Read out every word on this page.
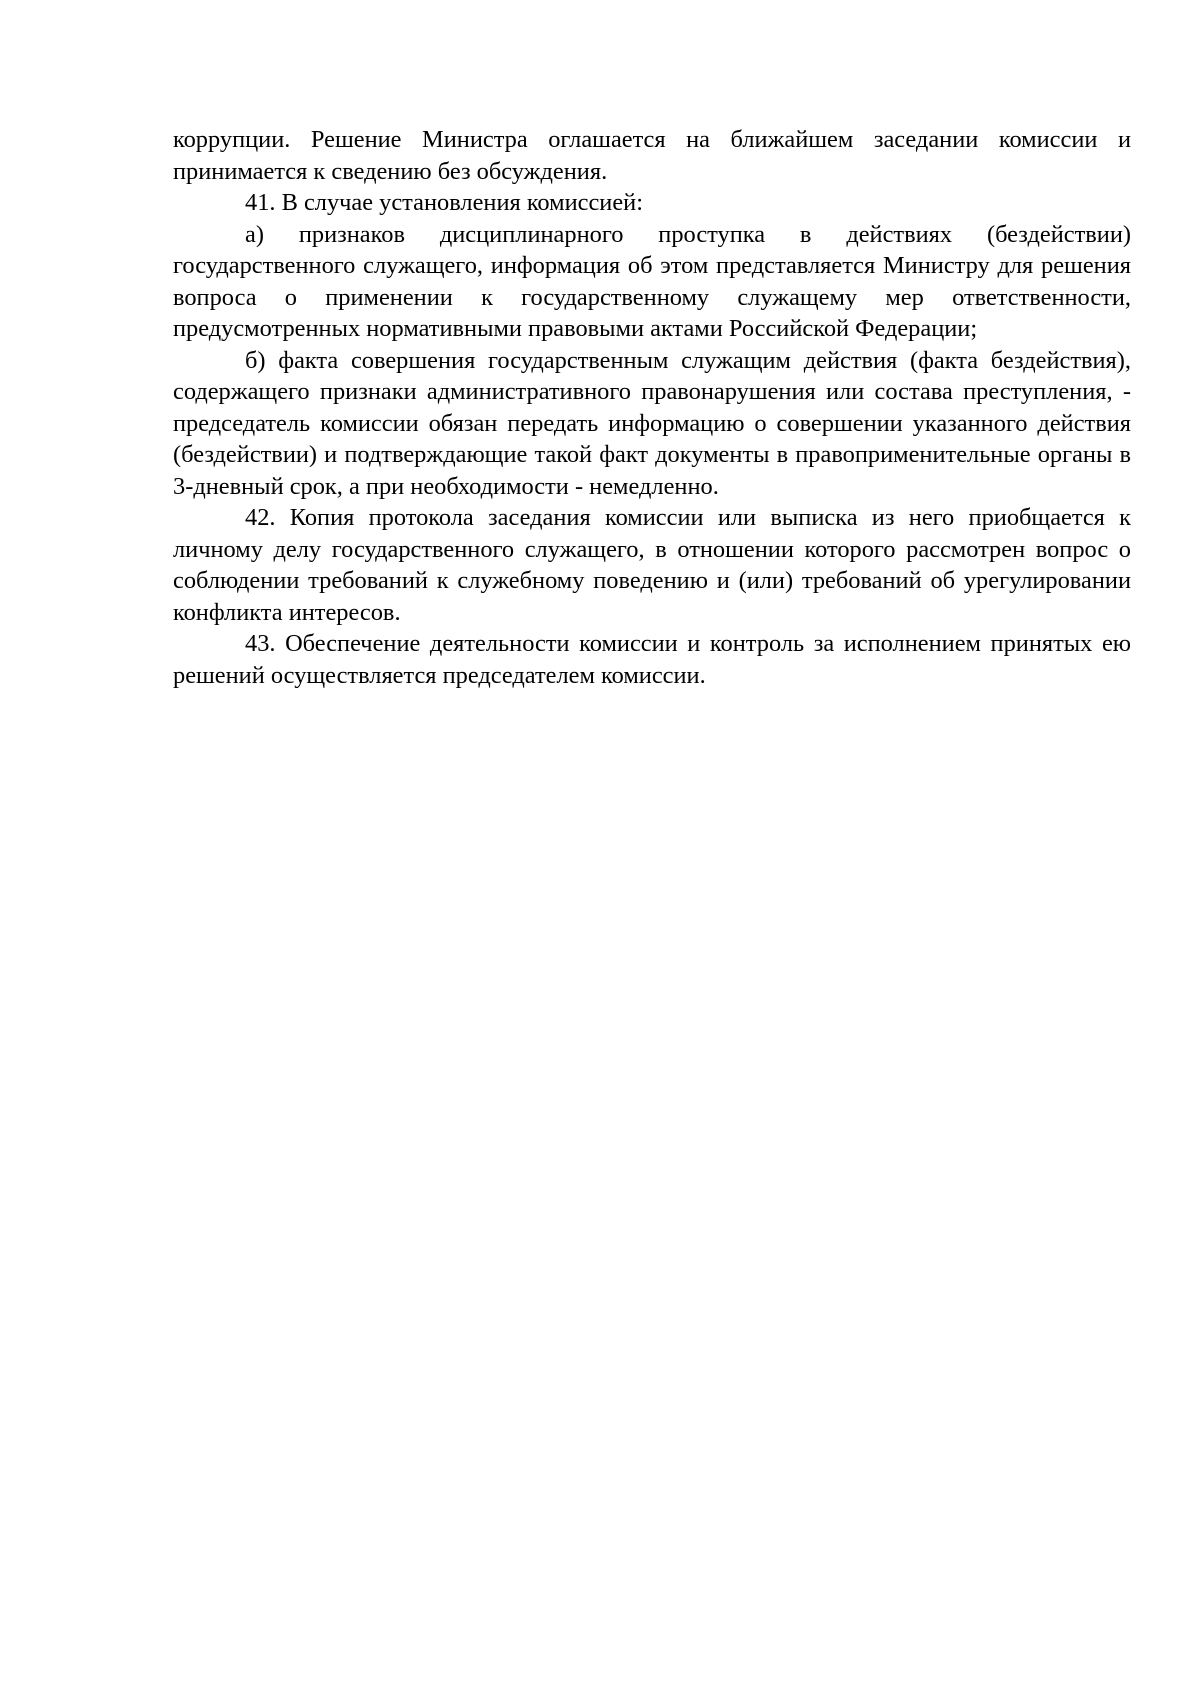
коррупции. Решение Министра оглашается на ближайшем заседании комиссии и принимается к сведению без обсуждения.

41. В случае установления комиссией:

а) признаков дисциплинарного проступка в действиях (бездействии) государственного служащего, информация об этом представляется Министру для решения вопроса о применении к государственному служащему мер ответственности, предусмотренных нормативными правовыми актами Российской Федерации;

б) факта совершения государственным служащим действия (факта бездействия), содержащего признаки административного правонарушения или состава преступления, - председатель комиссии обязан передать информацию о совершении указанного действия (бездействии) и подтверждающие такой факт документы в правоприменительные органы в 3-дневный срок, а при необходимости - немедленно.

42. Копия протокола заседания комиссии или выписка из него приобщается к личному делу государственного служащего, в отношении которого рассмотрен вопрос о соблюдении требований к служебному поведению и (или) требований об урегулировании конфликта интересов.

43. Обеспечение деятельности комиссии и контроль за исполнением принятых ею решений осуществляется председателем комиссии.
